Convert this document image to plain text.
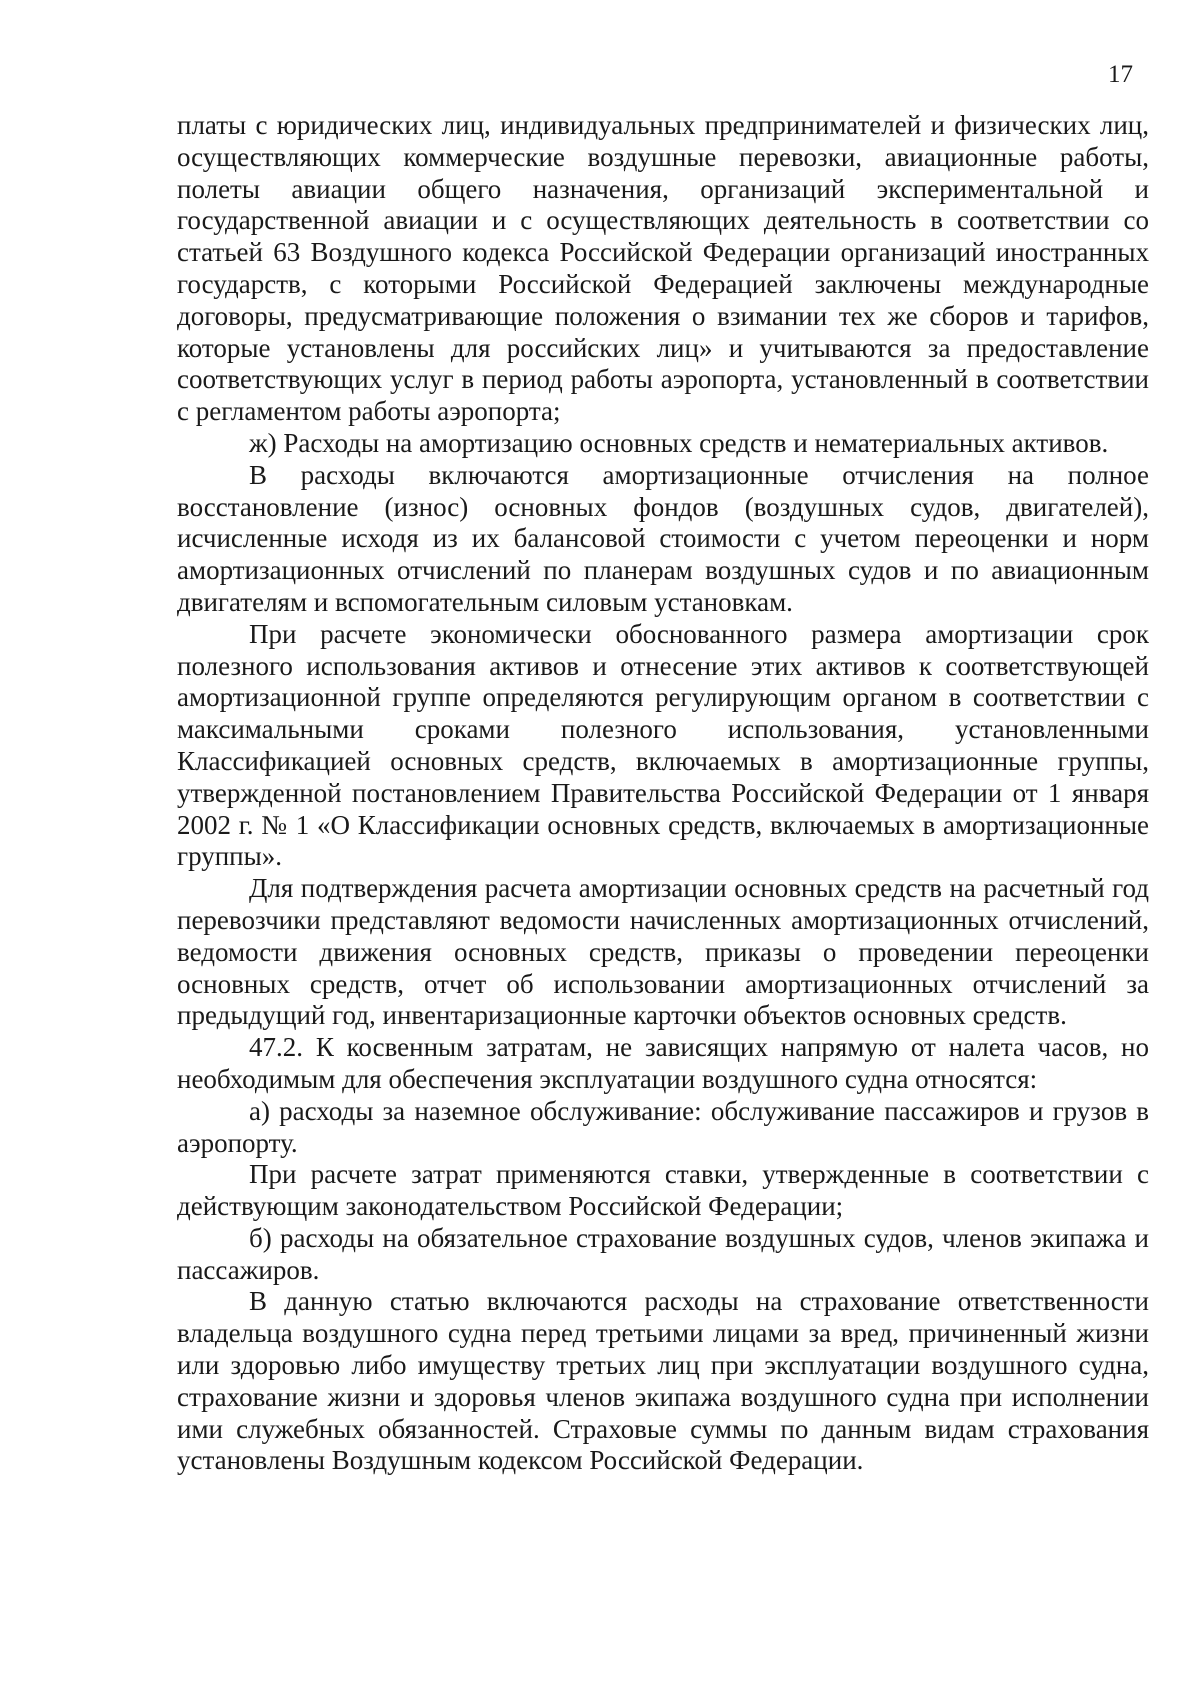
17

платы с юридических лиц, индивидуальных предпринимателей и физических лиц, осуществляющих коммерческие воздушные перевозки, авиационные работы, полеты авиации общего назначения, организаций экспериментальной и государственной авиации и с осуществляющих деятельность в соответствии со статьей 63 Воздушного кодекса Российской Федерации организаций иностранных государств, с которыми Российской Федерацией заключены международные договоры, предусматривающие положения о взимании тех же сборов и тарифов, которые установлены для российских лиц» и учитываются за предоставление соответствующих услуг в период работы аэропорта, установленный в соответствии с регламентом работы аэропорта;

ж) Расходы на амортизацию основных средств и нематериальных активов.

В расходы включаются амортизационные отчисления на полное восстановление (износ) основных фондов (воздушных судов, двигателей), исчисленные исходя из их балансовой стоимости с учетом переоценки и норм амортизационных отчислений по планерам воздушных судов и по авиационным двигателям и вспомогательным силовым установкам.

При расчете экономически обоснованного размера амортизации срок полезного использования активов и отнесение этих активов к соответствующей амортизационной группе определяются регулирующим органом в соответствии с максимальными сроками полезного использования, установленными Классификацией основных средств, включаемых в амортизационные группы, утвержденной постановлением Правительства Российской Федерации от 1 января 2002 г. № 1 «О Классификации основных средств, включаемых в амортизационные группы».

Для подтверждения расчета амортизации основных средств на расчетный год перевозчики представляют ведомости начисленных амортизационных отчислений, ведомости движения основных средств, приказы о проведении переоценки основных средств, отчет об использовании амортизационных отчислений за предыдущий год, инвентаризационные карточки объектов основных средств.

47.2. К косвенным затратам, не зависящих напрямую от налета часов, но необходимым для обеспечения эксплуатации воздушного судна относятся:

а) расходы за наземное обслуживание: обслуживание пассажиров и грузов в аэропорту.

При расчете затрат применяются ставки, утвержденные в соответствии с действующим законодательством Российской Федерации;

б) расходы на обязательное страхование воздушных судов, членов экипажа и пассажиров.

В данную статью включаются расходы на страхование ответственности владельца воздушного судна перед третьими лицами за вред, причиненный жизни или здоровью либо имуществу третьих лиц при эксплуатации воздушного судна, страхование жизни и здоровья членов экипажа воздушного судна при исполнении ими служебных обязанностей. Страховые суммы по данным видам страхования установлены Воздушным кодексом Российской Федерации.
